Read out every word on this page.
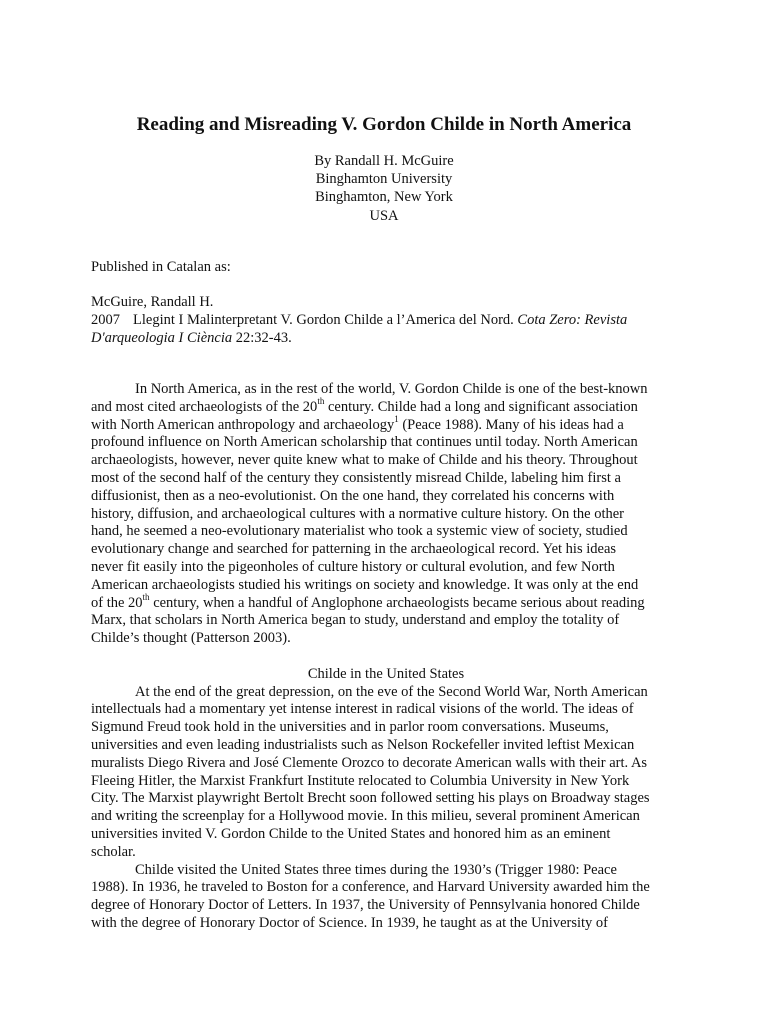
Reading and Misreading V. Gordon Childe in North America
By Randall H. McGuire
Binghamton University
Binghamton, New York
USA
Published in Catalan as:
McGuire, Randall H.
2007 Llegint I Malinterpretant V. Gordon Childe a l’America del Nord. Cota Zero: Revista
D'arqueologia I Ciència 22:32-43.

In North America, as in the rest of the world, V. Gordon Childe is one of the best-known
and most cited archaeologists of the 20th century. Childe had a long and significant association
with North American anthropology and archaeology$^1$ (Peace 1988). Many of his ideas had a
profound influence on North American scholarship that continues until today. North American
archaeologists, however, never quite knew what to make of Childe and his theory. Throughout
most of the second half of the century they consistently misread Childe, labeling him first a
diffusionist, then as a neo-evolutionist. On the one hand, they correlated his concerns with
history, diffusion, and archaeological cultures with a normative culture history. On the other
hand, he seemed a neo-evolutionary materialist who took a systemic view of society, studied
evolutionary change and searched for patterning in the archaeological record. Yet his ideas
never fit easily into the pigeonholes of culture history or cultural evolution, and few North
American archaeologists studied his writings on society and knowledge. It was only at the end
of the 20th century, when a handful of Anglophone archaeologists became serious about reading
Marx, that scholars in North America began to study, understand and employ the totality of
Childe’s thought (Patterson 2003).

Childe in the United States

At the end of the great depression, on the eve of the Second World War, North American
intellectuals had a momentary yet intense interest in radical visions of the world. The ideas of
Sigmund Freud took hold in the universities and in parlor room conversations. Museums,
universities and even leading industrialists such as Nelson Rockefeller invited leftist Mexican
muralists Diego Rivera and José Clemente Orozco to decorate American walls with their art. As
Fleeing Hitler, the Marxist Frankfurt Institute relocated to Columbia University in New York
City. The Marxist playwright Bertolt Brecht soon followed setting his plays on Broadway stages
and writing the screenplay for a Hollywood movie. In this milieu, several prominent American
universities invited V. Gordon Childe to the United States and honored him as an eminent
scholar.

Childe visited the United States three times during the 1930’s (Trigger 1980: Peace
1988). In 1936, he traveled to Boston for a conference, and Harvard University awarded him the
degree of Honorary Doctor of Letters. In 1937, the University of Pennsylvania honored Childe
with the degree of Honorary Doctor of Science. In 1939, he taught as at the University of
